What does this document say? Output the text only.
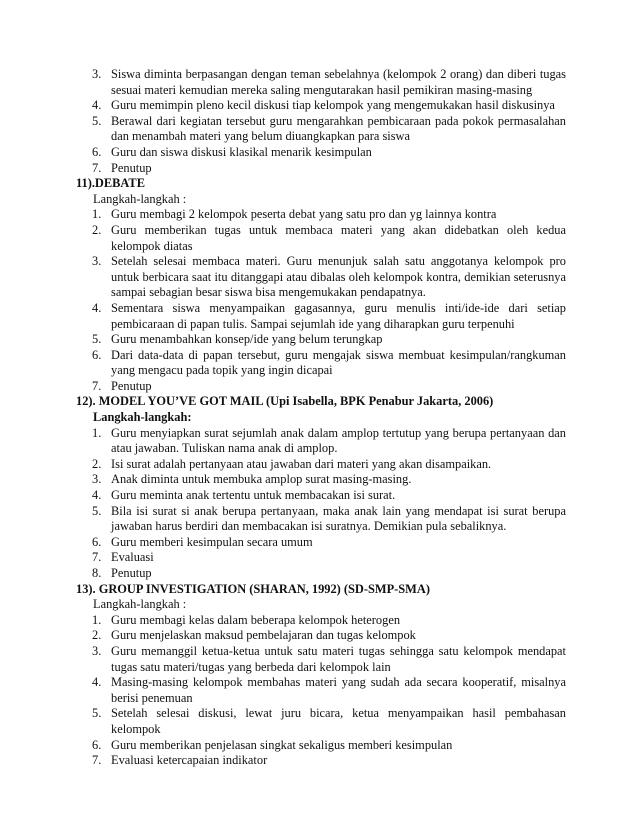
3. Siswa diminta berpasangan dengan teman sebelahnya (kelompok 2 orang) dan diberi tugas sesuai materi kemudian mereka saling mengutarakan hasil pemikiran masing-masing
4. Guru memimpin pleno kecil diskusi tiap kelompok yang mengemukakan hasil diskusinya
5. Berawal dari kegiatan tersebut guru mengarahkan pembicaraan pada pokok permasalahan dan menambah materi yang belum diuangkapkan para siswa
6. Guru dan siswa diskusi klasikal menarik kesimpulan
7. Penutup
11).DEBATE
Langkah-langkah :
1. Guru membagi 2 kelompok peserta debat yang satu pro dan yg lainnya kontra
2. Guru memberikan tugas untuk membaca materi yang akan didebatkan oleh kedua kelompok diatas
3. Setelah selesai membaca materi. Guru menunjuk salah satu anggotanya kelompok pro untuk berbicara saat itu ditanggapi atau dibalas oleh kelompok kontra, demikian seterusnya sampai sebagian besar siswa bisa mengemukakan pendapatnya.
4. Sementara siswa menyampaikan gagasannya, guru menulis inti/ide-ide dari setiap pembicaraan di papan tulis. Sampai sejumlah ide yang diharapkan guru terpenuhi
5. Guru menambahkan konsep/ide yang belum terungkap
6. Dari data-data di papan tersebut, guru mengajak siswa membuat kesimpulan/rangkuman yang mengacu pada topik yang ingin dicapai
7. Penutup
12). MODEL YOU’VE GOT MAIL (Upi Isabella, BPK Penabur Jakarta, 2006)
Langkah-langkah:
1. Guru menyiapkan surat sejumlah anak dalam amplop tertutup yang berupa pertanyaan dan atau jawaban. Tuliskan nama anak di amplop.
2. Isi surat adalah pertanyaan atau jawaban dari materi yang akan disampaikan.
3. Anak diminta untuk membuka amplop surat masing-masing.
4. Guru meminta anak tertentu untuk membacakan isi surat.
5. Bila isi surat si anak berupa pertanyaan, maka anak lain yang mendapat isi surat berupa jawaban harus berdiri dan membacakan isi suratnya. Demikian pula sebaliknya.
6. Guru memberi kesimpulan secara umum
7. Evaluasi
8. Penutup
13). GROUP INVESTIGATION (SHARAN, 1992) (SD-SMP-SMA)
Langkah-langkah :
1. Guru membagi kelas dalam beberapa kelompok heterogen
2. Guru menjelaskan maksud pembelajaran dan tugas kelompok
3. Guru memanggil ketua-ketua untuk satu materi tugas sehingga satu kelompok mendapat tugas satu materi/tugas yang berbeda dari kelompok lain
4. Masing-masing kelompok membahas materi yang sudah ada secara kooperatif, misalnya berisi penemuan
5. Setelah selesai diskusi, lewat juru bicara, ketua menyampaikan hasil pembahasan kelompok
6. Guru memberikan penjelasan singkat sekaligus memberi kesimpulan
7. Evaluasi ketercapaian indikator
